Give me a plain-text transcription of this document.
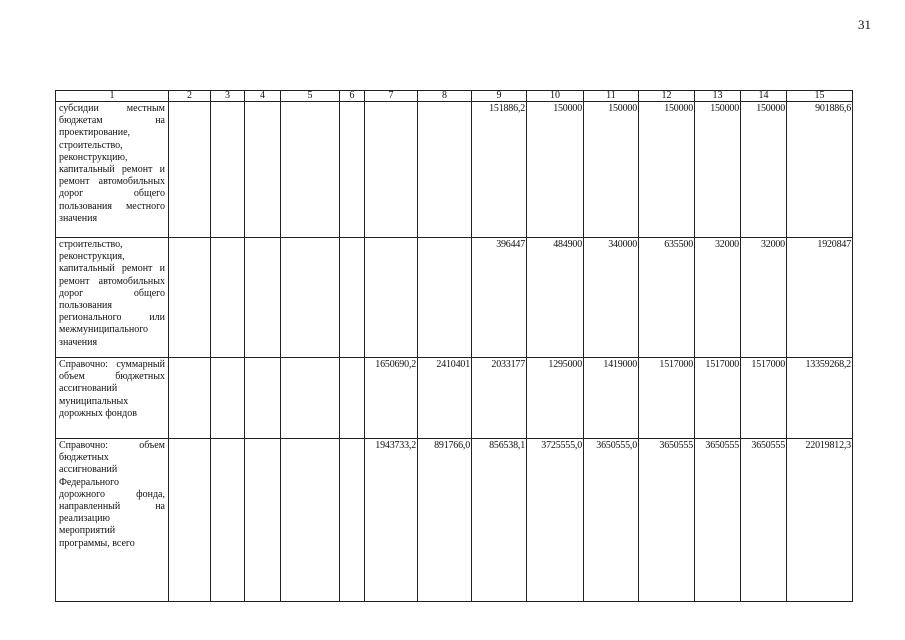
31
1	2	3	4	5	6	7	8	9	10	11	12	13	14	15
субсидии местным бюджетам на проектирование, строительство, реконструкцию, капитальный ремонт и ремонт автомобильных дорог общего пользования местного значения								151886,2	150000	150000	150000	150000	150000	901886,6
строительство, реконструкция, капитальный ремонт и ремонт автомобильных дорог общего пользования регионального или межмуниципального значения								396447	484900	340000	635500	32000	32000	1920847
Справочно: суммарный объем бюджетных ассигнований муниципальных дорожных фондов						1650690,2	2410401	2033177	1295000	1419000	1517000	1517000	1517000	13359268,2
Справочно: объем бюджетных ассигнований Федерального дорожного фонда, направленный на реализацию мероприятий программы, всего						1943733,2	891766,0	856538,1	3725555,0	3650555,0	3650555	3650555	3650555	22019812,3
